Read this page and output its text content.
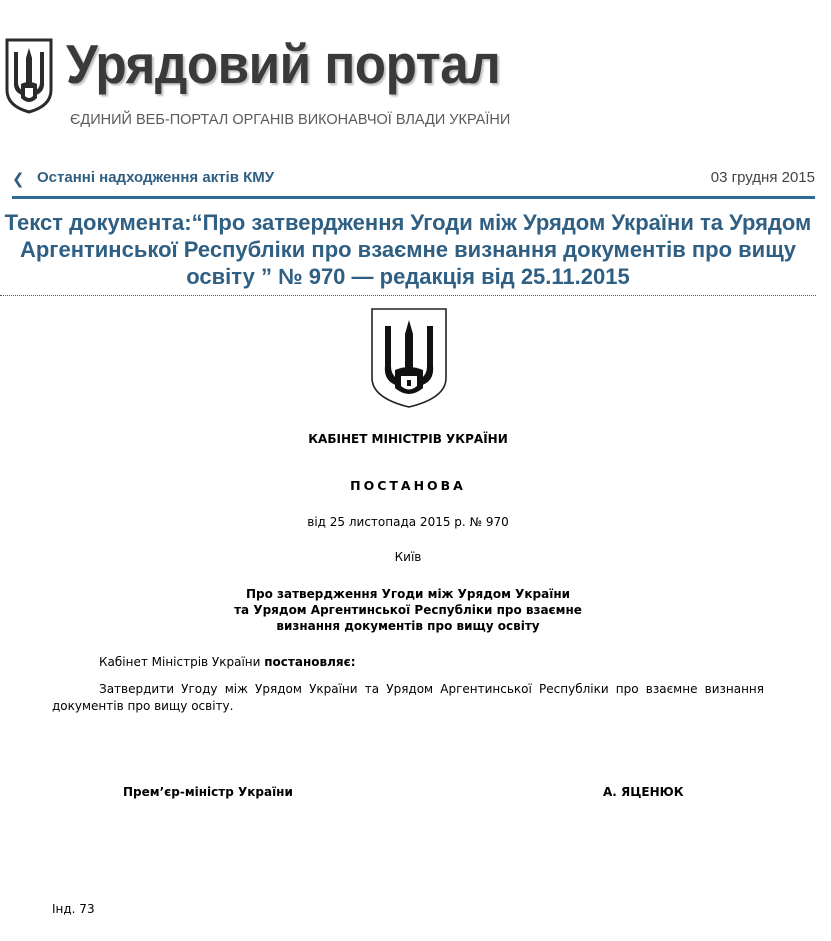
Урядовий портал
ЄДИНИЙ ВЕБ-ПОРТАЛ ОРГАНІВ ВИКОНАВЧОЇ ВЛАДИ УКРАЇНИ
❮ Останні надходження актів КМУ	03 грудня 2015
Текст документа:“Про затвердження Угоди між Урядом України та Урядом Аргентинської Республіки про взаємне визнання документів про вищу освіту ” № 970 — редакція від 25.11.2015
КАБІНЕТ МІНІСТРІВ УКРАЇНИ
ПОСТАНОВА
від 25 листопада 2015 р. № 970
Київ
Про затвердження Угоди між Урядом України
та Урядом Аргентинської Республіки про взаємне
визнання документів про вищу освіту
Кабінет Міністрів України постановляє:
Затвердити Угоду між Урядом України та Урядом Аргентинської Республіки про взаємне визнання документів про вищу освіту.
Прем’єр-міністр України	А. ЯЦЕНЮК
Інд. 73
